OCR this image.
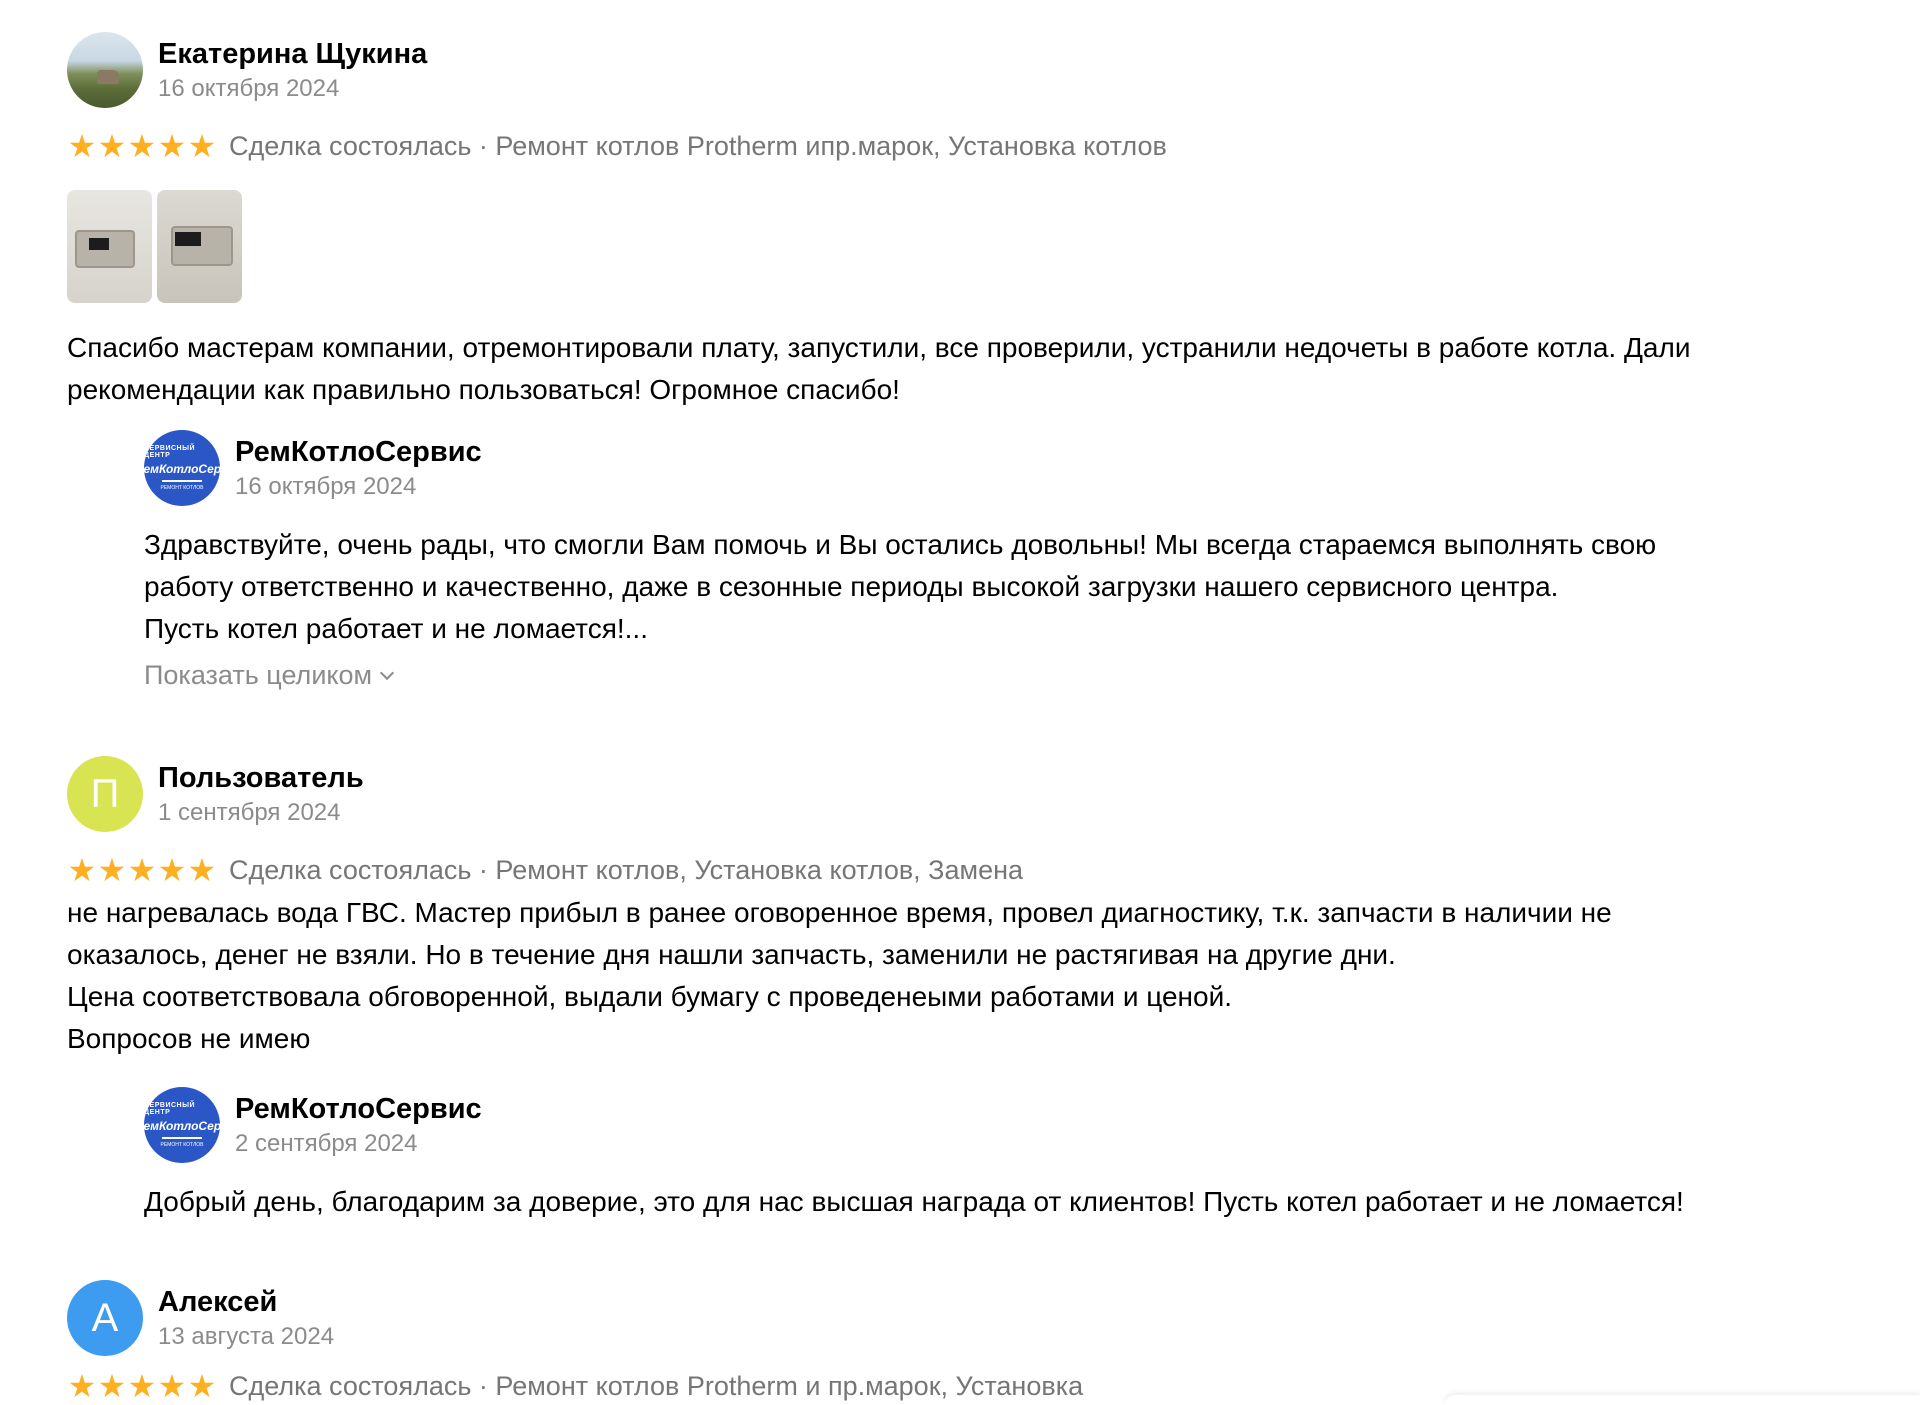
Екатерина Щукина
16 октября 2024
★ ★ ★ ★ ★ Сделка состоялась · Ремонт котлов Protherm ипр.марок, Установка котлов
Спасибо мастерам компании, отремонтировали плату, запустили, все проверили, устранили недочеты в работе котла. Дали
рекомендации как правильно пользоваться! Огромное спасибо!
СЕРВИСНЫЙ ЦЕНТР
РемКотлоСерв
РЕМОНТ КОТЛОВ
РемКотлоСервис
16 октября 2024
Здравствуйте, очень рады, что смогли Вам помочь и Вы остались довольны! Мы всегда стараемся выполнять свою
работу ответственно и качественно, даже в сезонные периоды высокой загрузки нашего сервисного центра.
Пусть котел работает и не ломается!...
Показать целиком
П Пользователь
1 сентября 2024
★ ★ ★ ★ ★ Сделка состоялась · Ремонт котлов, Установка котлов, Замена
не нагревалась вода ГВС. Мастер прибыл в ранее оговоренное время, провел диагностику, т.к. запчасти в наличии не
оказалось, денег не взяли. Но в течение дня нашли запчасть, заменили не растягивая на другие дни.
Цена соответствовала обговоренной, выдали бумагу с проведенеыми работами и ценой.
Вопросов не имею
СЕРВИСНЫЙ ЦЕНТР
РемКотлоСерв
РЕМОНТ КОТЛОВ
РемКотлоСервис
2 сентября 2024
Добрый день, благодарим за доверие, это для нас высшая награда от клиентов! Пусть котел работает и не ломается!
А Алексей
13 августа 2024
★ ★ ★ ★ ★ Сделка состоялась · Ремонт котлов Protherm и пр.марок, Установка
